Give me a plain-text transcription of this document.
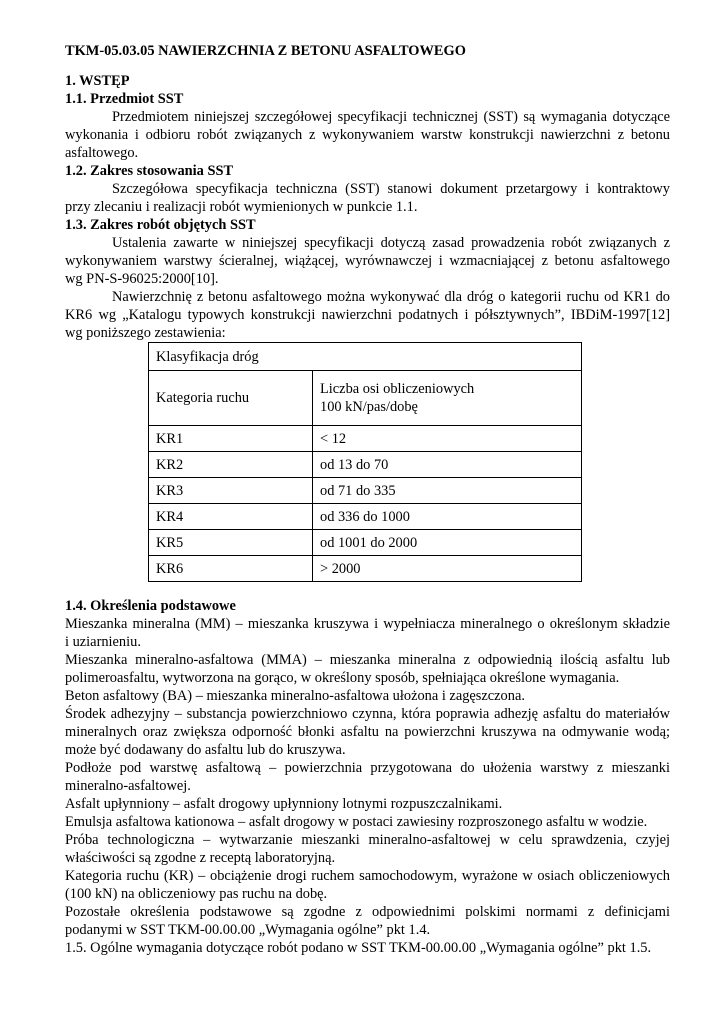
TKM-05.03.05 NAWIERZCHNIA Z BETONU ASFALTOWEGO
1. WSTĘP
1.1. Przedmiot SST
Przedmiotem niniejszej szczegółowej specyfikacji technicznej (SST) są wymagania dotyczące
wykonania i odbioru robót związanych z wykonywaniem warstw konstrukcji nawierzchni z betonu
asfaltowego.
1.2. Zakres stosowania SST
Szczegółowa specyfikacja techniczna (SST) stanowi dokument przetargowy i kontraktowy
przy zlecaniu i realizacji robót wymienionych w punkcie 1.1.
1.3. Zakres robót objętych SST
Ustalenia zawarte w niniejszej specyfikacji dotyczą zasad prowadzenia robót związanych z
wykonywaniem warstwy ścieralnej, wiążącej, wyrównawczej i wzmacniającej z betonu asfaltowego
wg PN-S-96025:2000[10].
Nawierzchnię z betonu asfaltowego można wykonywać dla dróg o kategorii ruchu od KR1 do
KR6 wg „Katalogu typowych konstrukcji nawierzchni podatnych i półsztywnych”, IBDiM-1997[12]
wg poniższego zestawienia:
Klasyfikacja dróg	
Kategoria ruchu	Liczba osi obliczeniowych
100 kN/pas/dobę

KR1	< 12
KR2	od 13 do 70
KR3	od 71 do 335
KR4	od 336 do 1000
KR5	od 1001 do 2000
KR6	> 2000
1.4. Określenia podstawowe
Mieszanka mineralna (MM) – mieszanka kruszywa i wypełniacza mineralnego o określonym składzie
i uziarnieniu.
Mieszanka mineralno-asfaltowa (MMA) – mieszanka mineralna z odpowiednią ilością asfaltu lub
polimeroasfaltu, wytworzona na gorąco, w określony sposób, spełniająca określone wymagania.
Beton asfaltowy (BA) – mieszanka mineralno-asfaltowa ułożona i zagęszczona.
Środek adhezyjny – substancja powierzchniowo czynna, która poprawia adhezję asfaltu do materiałów
mineralnych oraz zwiększa odporność błonki asfaltu na powierzchni kruszywa na odmywanie wodą;
może być dodawany do asfaltu lub do kruszywa.
Podłoże pod warstwę asfaltową – powierzchnia przygotowana do ułożenia warstwy z mieszanki
mineralno-asfaltowej.
Asfalt upłynniony – asfalt drogowy upłynniony lotnymi rozpuszczalnikami.
Emulsja asfaltowa kationowa – asfalt drogowy w postaci zawiesiny rozproszonego asfaltu w wodzie.
Próba technologiczna – wytwarzanie mieszanki mineralno-asfaltowej w celu sprawdzenia, czyjej
właściwości są zgodne z receptą laboratoryjną.
Kategoria ruchu (KR) – obciążenie drogi ruchem samochodowym, wyrażone w osiach obliczeniowych
(100 kN) na obliczeniowy pas ruchu na dobę.
Pozostałe określenia podstawowe są zgodne z odpowiednimi polskimi normami z definicjami
podanymi w SST TKM-00.00.00 „Wymagania ogólne” pkt 1.4.
1.5. Ogólne wymagania dotyczące robót podano w SST TKM-00.00.00 „Wymagania ogólne” pkt 1.5.
